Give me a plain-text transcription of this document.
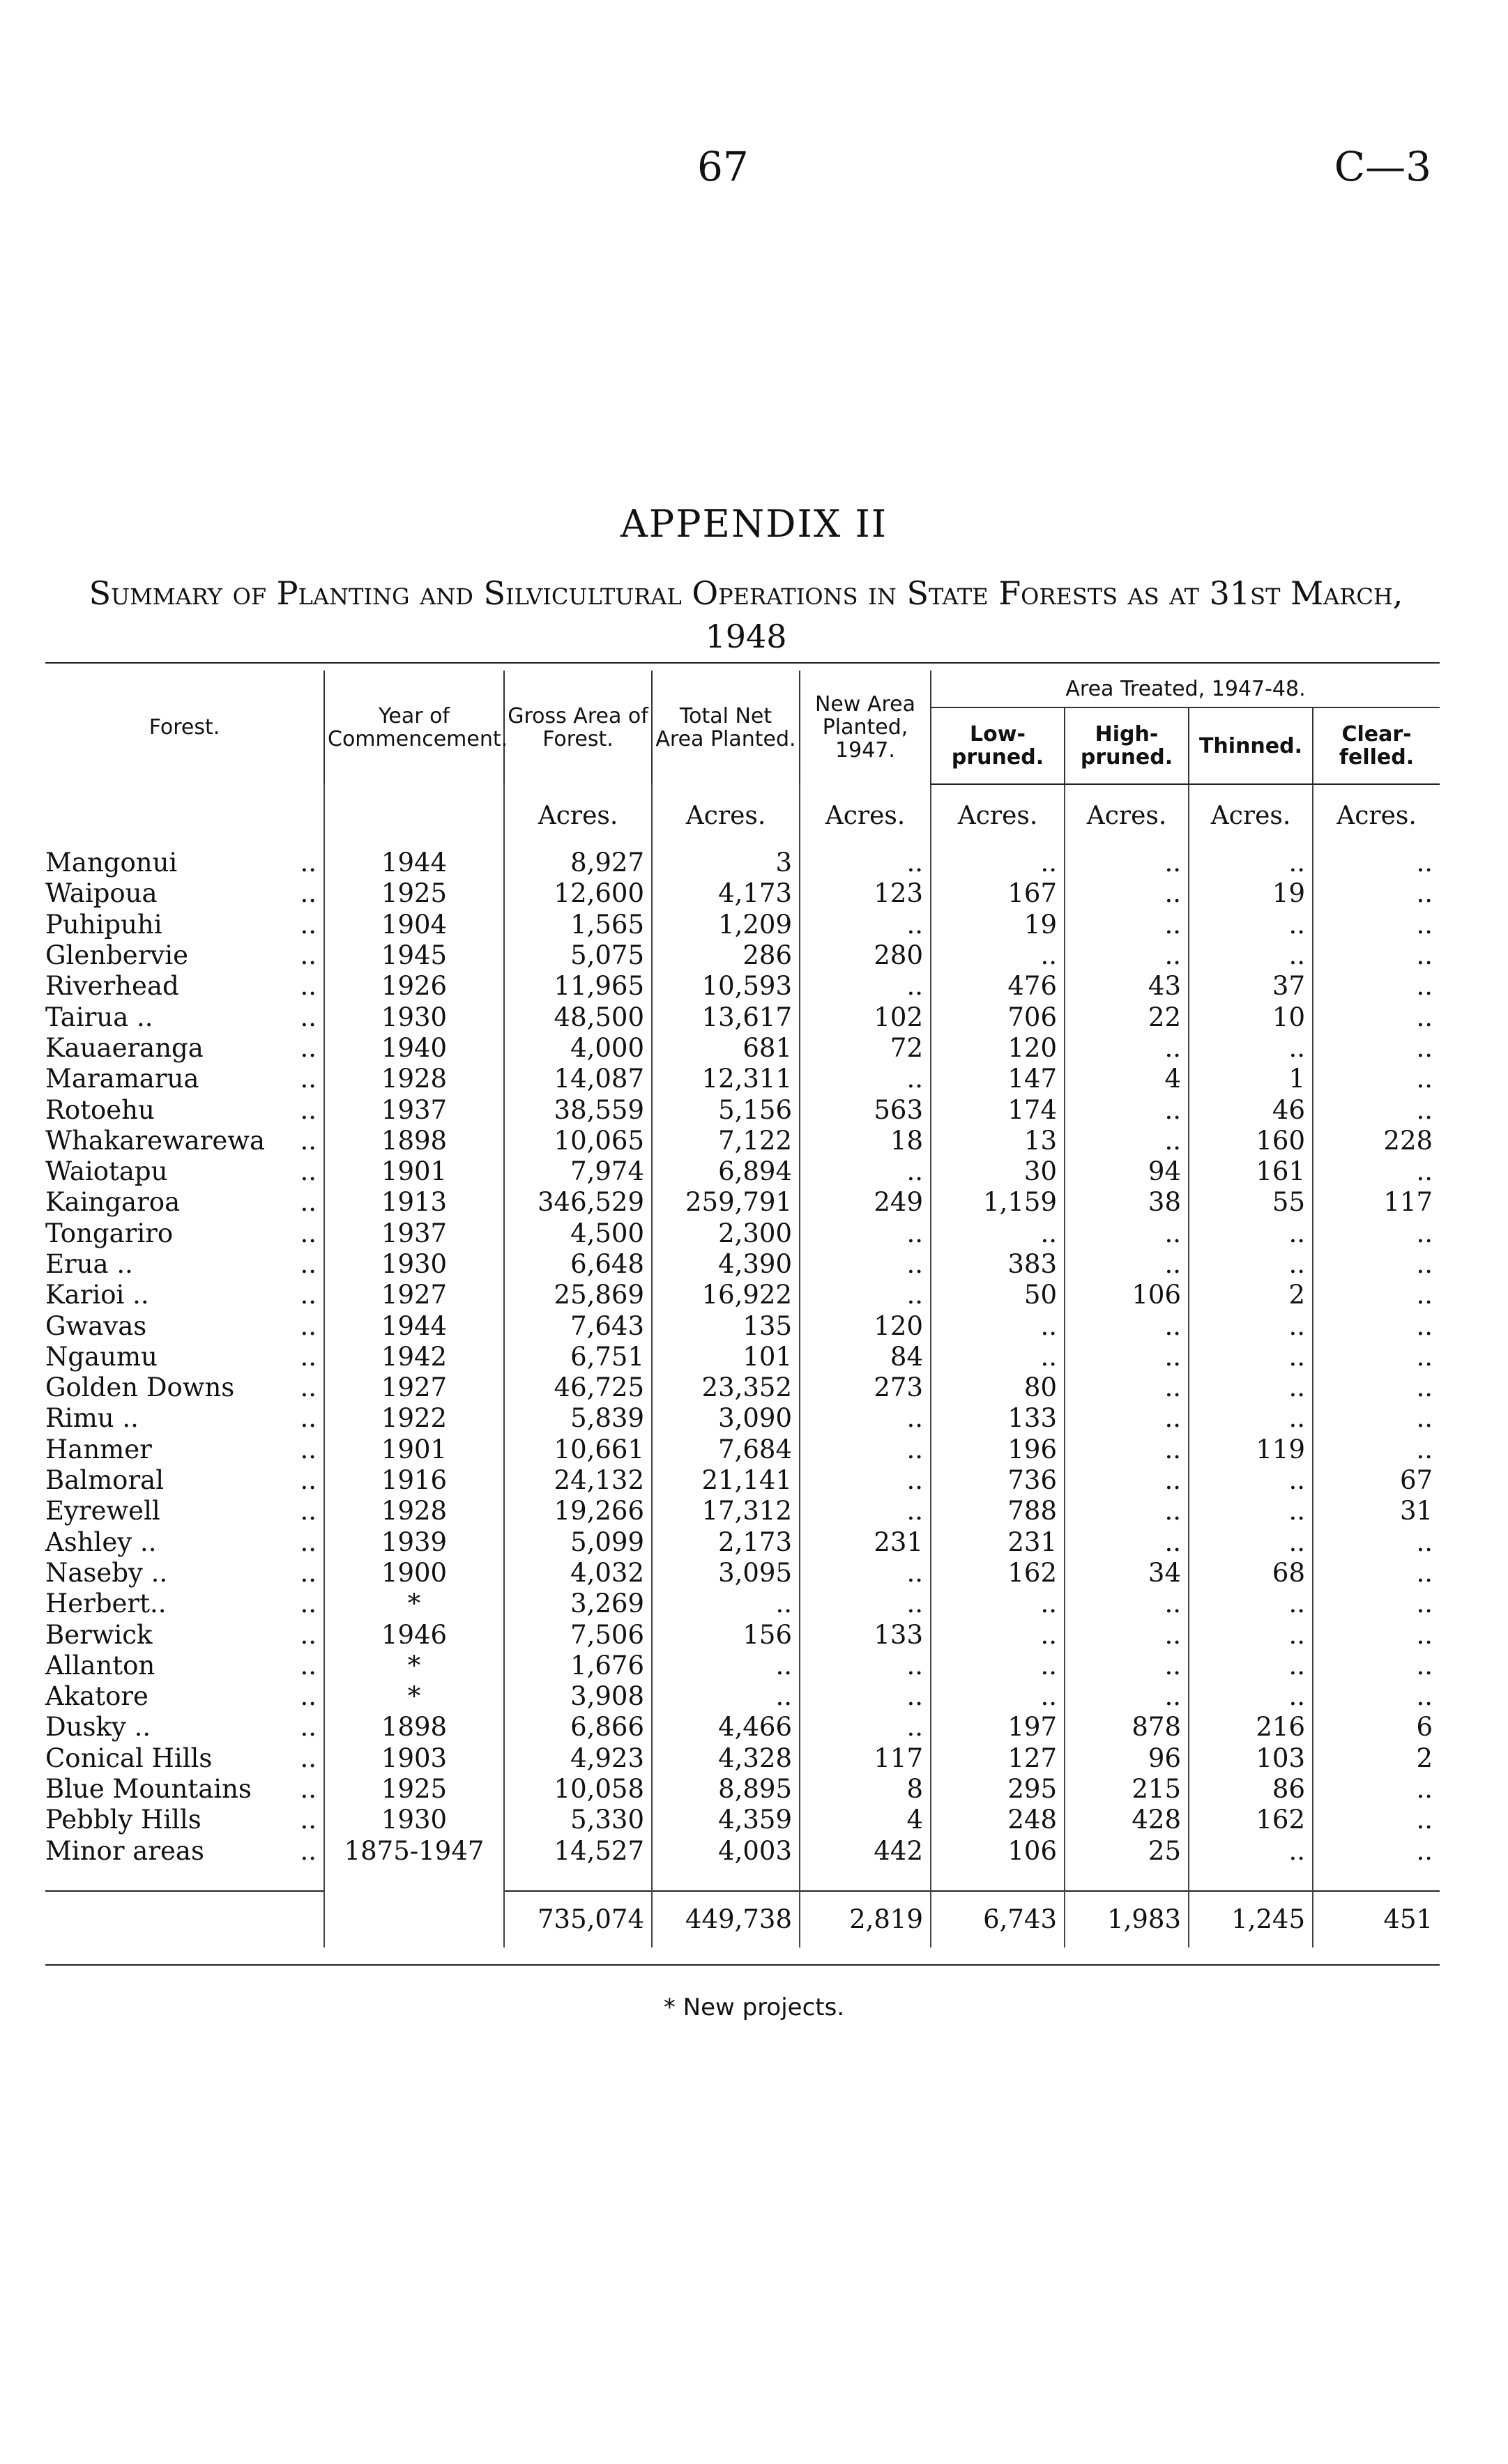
67	C—3
APPENDIX II
Summary of Planting and Silvicultural Operations in State Forests as at 31st March, 1948
Forest.	Year of Commencement.	Gross Area of Forest.	Total Net Area Planted.	New Area Planted, 1947.	Area Treated, 1947-48.			
					Low-pruned.	High-pruned.	Thinned.	Clear-felled.
		Acres.	Acres.	Acres.	Acres.	Acres.	Acres.	Acres.
Mangonui ..	1944	8,927	3	..	..	..	..	..
Waipoua ..	1925	12,600	4,173	123	167	..	19	..
Puhipuhi ..	1904	1,565	1,209	..	19	..	..	..
Glenbervie ..	1945	5,075	286	280	..	..	..	..
Riverhead ..	1926	11,965	10,593	..	476	43	37	..
Tairua .. ..	1930	48,500	13,617	102	706	22	10	..
Kauaeranga ..	1940	4,000	681	72	120	..	..	..
Maramarua ..	1928	14,087	12,311	..	147	4	1	..
Rotoehu ..	1937	38,559	5,156	563	174	..	46	..
Whakarewarewa ..	1898	10,065	7,122	18	13	..	160	228
Waiotapu ..	1901	7,974	6,894	..	30	94	161	..
Kaingaroa ..	1913	346,529	259,791	249	1,159	38	55	117
Tongariro ..	1937	4,500	2,300	..	..	..	..	..
Erua .. ..	1930	6,648	4,390	..	383	..	..	..
Karioi .. ..	1927	25,869	16,922	..	50	106	2	..
Gwavas ..	1944	7,643	135	120	..	..	..	..
Ngaumu ..	1942	6,751	101	84	..	..	..	..
Golden Downs ..	1927	46,725	23,352	273	80	..	..	..
Rimu .. ..	1922	5,839	3,090	..	133	..	..	..
Hanmer ..	1901	10,661	7,684	..	196	..	119	..
Balmoral ..	1916	24,132	21,141	..	736	..	..	67
Eyrewell ..	1928	19,266	17,312	..	788	..	..	31
Ashley .. ..	1939	5,099	2,173	231	231	..	..	..
Naseby .. ..	1900	4,032	3,095	..	162	34	68	..
Herbert.. ..	*	3,269	..	..	..	..	..	..
Berwick ..	1946	7,506	156	133	..	..	..	..
Allanton ..	*	1,676	..	..	..	..	..	..
Akatore ..	*	3,908	..	..	..	..	..	..
Dusky .. ..	1898	6,866	4,466	..	197	878	216	6
Conical Hills ..	1903	4,923	4,328	117	127	96	103	2
Blue Mountains ..	1925	10,058	8,895	8	295	215	86	..
Pebbly Hills ..	1930	5,330	4,359	4	248	428	162	..
Minor areas ..	1875-1947	14,527	4,003	442	106	25	..	..

		735,074	449,738	2,819	6,743	1,983	1,245	451
* New projects.
